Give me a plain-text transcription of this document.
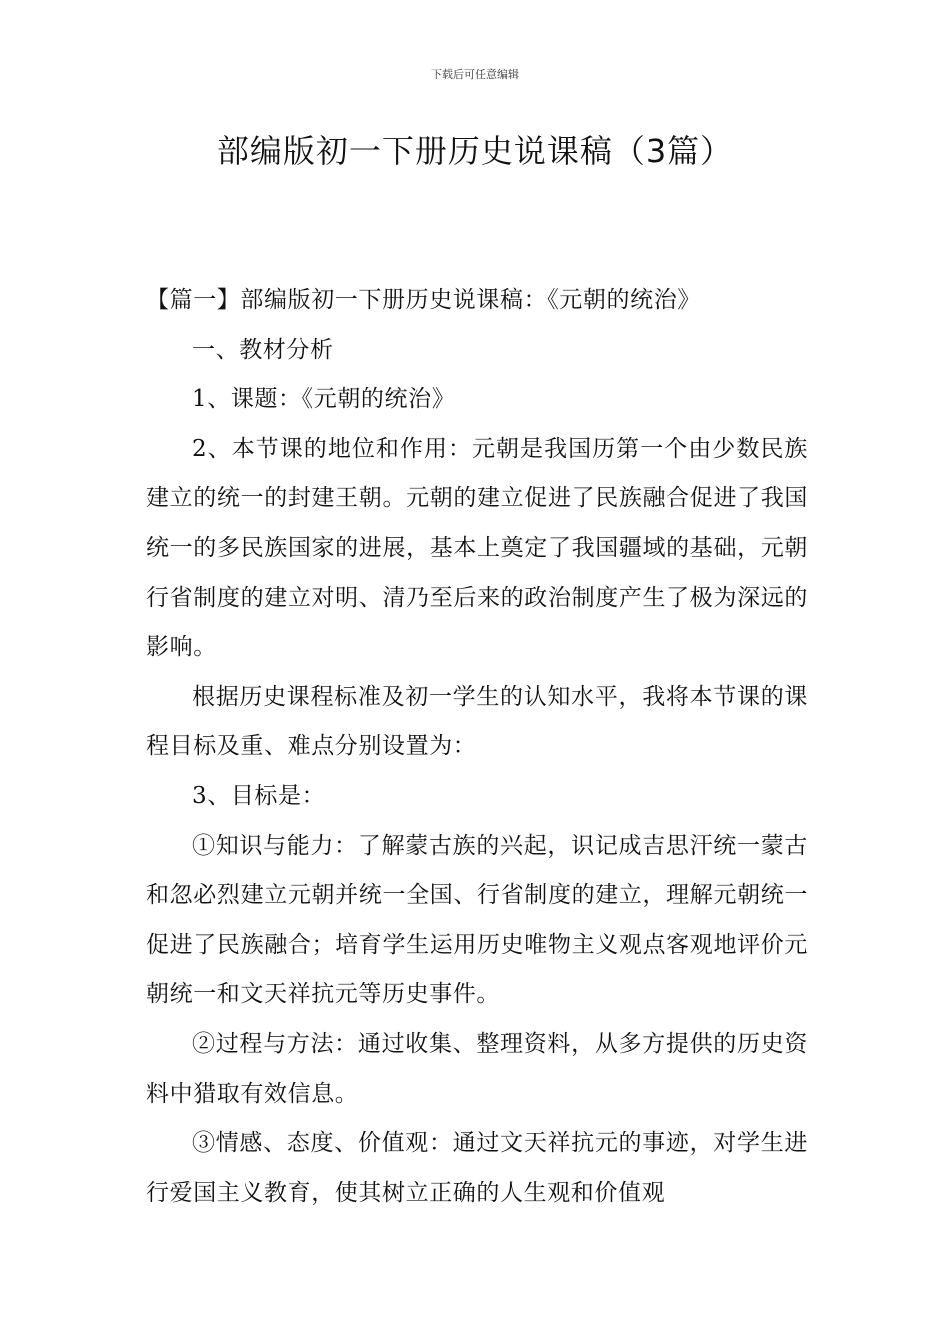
下载后可任意编辑
部编版初一下册历史说课稿（3篇）

【篇一】部编版初一下册历史说课稿：《元朝的统治》

一、教材分析

1、课题：《元朝的统治》

2、本节课的地位和作用：元朝是我国历第一个由少数民族建立的统一的封建王朝。元朝的建立促进了民族融合促进了我国统一的多民族国家的进展，基本上奠定了我国疆域的基础，元朝行省制度的建立对明、清乃至后来的政治制度产生了极为深远的影响。

根据历史课程标准及初一学生的认知水平，我将本节课的课程目标及重、难点分别设置为：

3、目标是：

①知识与能力：了解蒙古族的兴起，识记成吉思汗统一蒙古和忽必烈建立元朝并统一全国、行省制度的建立，理解元朝统一促进了民族融合；培育学生运用历史唯物主义观点客观地评价元朝统一和文天祥抗元等历史事件。

②过程与方法：通过收集、整理资料，从多方提供的历史资料中猎取有效信息。

③情感、态度、价值观：通过文天祥抗元的事迹，对学生进行爱国主义教育，使其树立正确的人生观和价值观
